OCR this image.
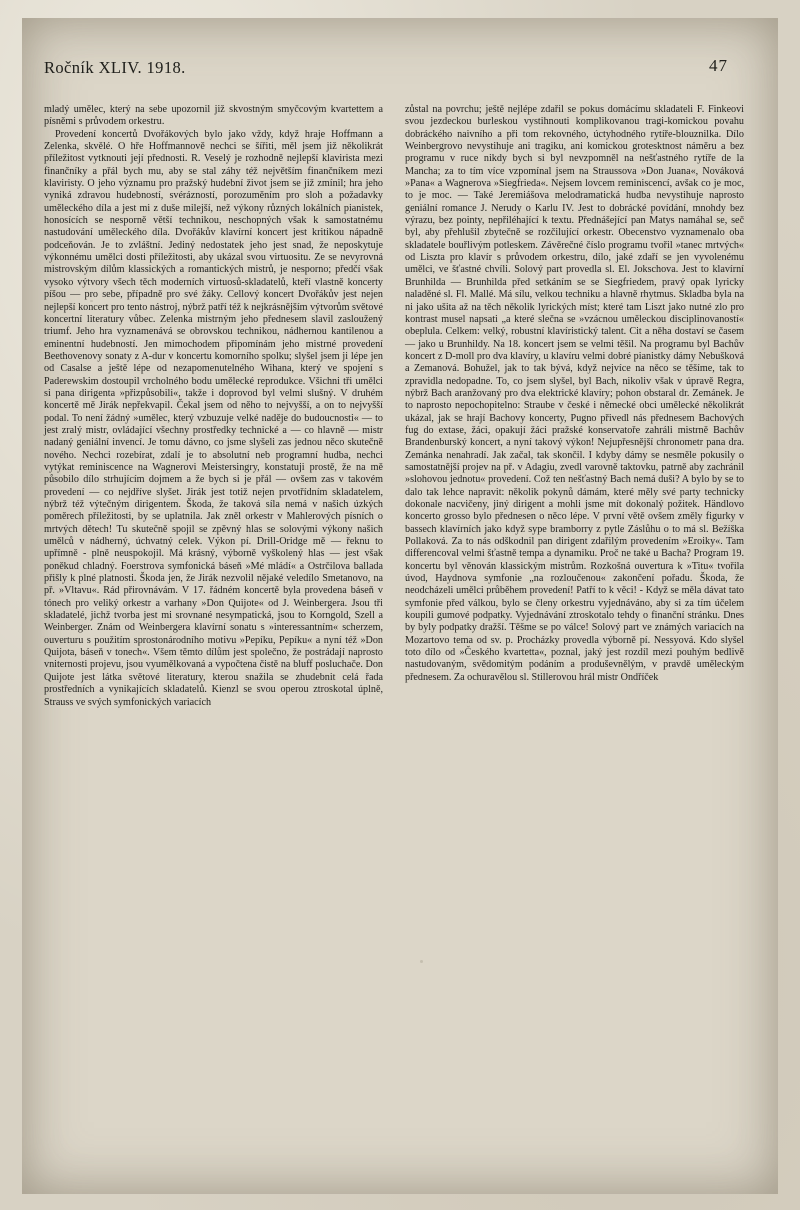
Ročník XLIV. 1918.	47

mladý umělec, který na sebe upozornil již skvostným smyčcovým kvartettem a písněmi s průvodem orkestru.

Provedení koncertů Dvořákových bylo jako vždy, když hraje Hoffmann a Zelenka, skvělé. O hře Hoffmannově nechci se šířiti, měl jsem již několikrát příležitost vytknouti její přednosti. R. Veselý je rozhodně nejlepší klavirista mezi finančníky a přál bych mu, aby se stal záhy též největším finančníkem mezi klaviristy. O jeho významu pro pražský hudební život jsem se již zmínil; hra jeho vyniká zdravou hudebností, svérázností, porozuměním pro sloh a požadavky uměleckého díla a jest mi z duše milejší, než výkony různých lokálních pianistek, honosících se nesporně větší technikou, neschopných však k samostatnému nastudování uměleckého díla. Dvořákův klavírní koncert jest kritikou nápadně podceňován. Je to zvláštní. Jediný nedostatek jeho jest snad, že neposkytuje výkonnému umělci dosti příležitosti, aby ukázal svou virtuositu. Ze se nevyrovná mistrovským dílům klassických a romantických mistrů, je nesporno; předčí však vysoko výtvory všech těch moderních virtuosů-skladatelů, kteří vlastně koncerty píšou — pro sebe, případně pro své žáky. Cellový koncert Dvořákův jest nejen nejlepší koncert pro tento nástroj, nýbrž patří též k nejkrásnějším výtvorům světové koncertní literatury vůbec. Zelenka mistrným jeho přednesem slavil zasloužený triumf. Jeho hra vyznamenává se obrovskou technikou, nádhernou kantilenou a eminentní hudebností. Jen mimochodem připomínám jeho mistrné provedení Beethovenovy sonaty z A-dur v koncertu komorního spolku; slyšel jsem ji lépe jen od Casalse a ještě lépe od nezapomenutelného Wihana, který ve spojení s Paderewskim dostoupil vrcholného bodu umělecké reprodukce. Všichni tři umělci si pana dirigenta »přizpůsobili«, takže i doprovod byl velmi slušný. V druhém koncertě mě Jirák nepřekvapil. Čekal jsem od něho to nejvyšší, a on to nejvyšší podal. To není žádný »umělec, který vzbuzuje velké naděje do budoucnosti« — to jest zralý mistr, ovládající všechny prostředky technické a — co hlavně — mistr nadaný geniální invencí. Je tomu dávno, co jsme slyšeli zas jednou něco skutečně nového. Nechci rozebírat, zdalí je to absolutní neb programní hudba, nechci vytýkat reminiscence na Wagnerovi Meistersingry, konstatuji prostě, že na mě působilo dílo strhujícím dojmem a že bych si je přál — ovšem zas v takovém provedení — co nejdříve slyšet. Jirák jest totiž nejen prvotřídním skladatelem, nýbrž též výtečným dirigentem. Škoda, že taková síla nemá v našich úzkých poměrech příležitosti, by se uplatnila. Jak zněl orkestr v Mahlerových písních o mrtvých dětech! Tu skutečně spojil se zpěvný hlas se solovými výkony našich umělců v nádherný, úchvatný celek. Výkon pí. Drill-Oridge mě — řeknu to upřímně - plně neuspokojil. Má krásný, výborně vyškolený hlas — jest však poněkud chladný. Foerstrova symfonická báseň »Mé mládí« a Ostrčilova ballada přišly k plné platnosti. Škoda jen, že Jirák nezvolil nějaké veledílo Smetanovo, na př. »Vltavu«. Rád přirovnávám. V 17. řádném koncertě byla provedena báseň v tónech pro veliký orkestr a varhany »Don Quijote« od J. Weinbergera. Jsou tři skladatelé, jichž tvorba jest mi srovnané nesympatická, jsou to Korngold, Szell a Weinberger. Znám od Weinbergera klavírní sonatu s »interessantním« scherzem, ouverturu s použitím sprostonárodního motivu »Pepíku, Pepíku« a nyní též »Don Quijota, báseň v tonech«. Všem těmto dílům jest společno, že postrádají naprosto vniternosti projevu, jsou vyumělkovaná a vypočtena čistě na bluff posluchače. Don Quijote jest látka světové literatury, kterou snažila se zhudebnit celá řada prostředních a vynikajících skladatelů. Kienzl se svou operou ztroskotal úplně, Strauss ve svých symfonických variacích

zůstal na povrchu; ještě nejlépe zdařil se pokus domácímu skladateli F. Finkeovi svou jezdeckou burleskou vystihnouti komplikovanou tragi-komickou povahu dobráckého naivního a při tom rekovného, úctyhodného rytíře-blouznilka. Dílo Weinbergrovo nevystihuje ani tragiku, ani komickou grotesktnost náměru a bez programu v ruce nikdy bych si byl nevzpomněl na nešťastného rytíře de la Mancha; za to tím více vzpomínal jsem na Straussova »Don Juana«, Nováková »Pana« a Wagnerova »Siegfrieda«. Nejsem lovcem reminiscencí, avšak co je moc, to je moc. — Také Jeremiášova melodramatická hudba nevystihuje naprosto geniální romance J. Nerudy o Karlu IV. Jest to dobrácké povídání, mnohdy bez výrazu, bez pointy, nepřiléhající k textu. Přednášející pan Matys namáhal se, seč byl, aby přehlušil zbytečně se rozčilující orkestr. Obecenstvo vyznamenalo oba skladatele bouřlivým potleskem. Závěrečné číslo programu tvořil »tanec mrtvých« od Liszta pro klavír s průvodem orkestru, dílo, jaké zdaří se jen vyvolenému umělci, ve šťastné chvíli. Solový part provedla sl. El. Jokschova. Jest to klavírní Brunhilda — Brunhilda před setkáním se se Siegfriedem, pravý opak lyricky naladěné sl. Fl. Mallé. Má sílu, velkou techniku a hlavně rhytmus. Skladba byla na ni jako ušita až na těch několik lyrických míst; které tam Liszt jako nutné zlo pro kontrast musel napsati „a které slečna se »vzácnou uměleckou disciplinovaností« obeplula. Celkem: velký, robustní klavíristický talent. Cit a něha dostaví se časem — jako u Brunhildy. Na 18. koncert jsem se velmi těšil. Na programu byl Bachův koncert z D-moll pro dva klavíry, u klavíru velmi dobré pianistky dámy Nebušková a Zemanová. Bohužel, jak to tak bývá, když nejvíce na něco se těšíme, tak to zpravidla nedopadne. To, co jsem slyšel, byl Bach, nikoliv však v úpravě Regra, nýbrž Bach aranžovaný pro dva elektrické klavíry; pohon obstaral dr. Zemánek. Je to naprosto nepochopitelno: Straube v české i německé obci umělecké několikrát ukázal, jak se hrají Bachovy koncerty, Pugno přivedl nás přednesem Bachových fug do extase, žáci, opakují žáci pražské konservatoře zahráli mistrně Bachův Brandenburský koncert, a nyní takový výkon! Nejupřesnější chronometr pana dra. Zemánka nenahradí. Jak začal, tak skončil. I kdyby dámy se nesměle pokusily o samostatnější projev na př. v Adagiu, zvedl varovně taktovku, patrně aby zachránil »slohovou jednotu« provedení. Což ten nešťastný Bach nemá duši? A bylo by se to dalo tak lehce napravit: několik pokynů dámám, které měly své party technicky dokonale nacvičeny, jiný dirigent a mohli jsme mít dokonalý požitek. Händlovo koncerto grosso bylo přednesen o něco lépe. V první větě ovšem změly figurky v bassech klavírních jako když sype bramborry z pytle Záslůhu o to má sl. Bežíška Pollaková. Za to nás odškodnil pan dirigent zdařilým provedením »Eroiky«. Tam differencoval velmi šťastně tempa a dynamiku. Proč ne také u Bacha? Program 19. koncertu byl věnován klassickým mistrům. Rozkošná ouvertura k »Titu« tvořila úvod, Haydnova symfonie „na rozloučenou« zakončení pořadu. Škoda, že neodcházeli umělci průběhem provedení! Patří to k věci! - Když se měla dávat tato symfonie před válkou, bylo se členy orkestru vyjednáváno, aby si za tím účelem koupili gumové podpatky. Vyjednávání ztroskotalo tehdy o finanční stránku. Dnes by byly podpatky dražší. Těšme se po válce! Solový part ve známých variacích na Mozartovo tema od sv. p. Procházky provedla výborně pí. Nessyová. Kdo slyšel toto dílo od »Českého kvartetta«, poznal, jaký jest rozdíl mezi pouhým bedlivě nastudovaným, svědomitým podáním a produševnělým, v pravdě uměleckým přednesem. Za ochuravělou sl. Stillerovou hrál mistr Ondříček
